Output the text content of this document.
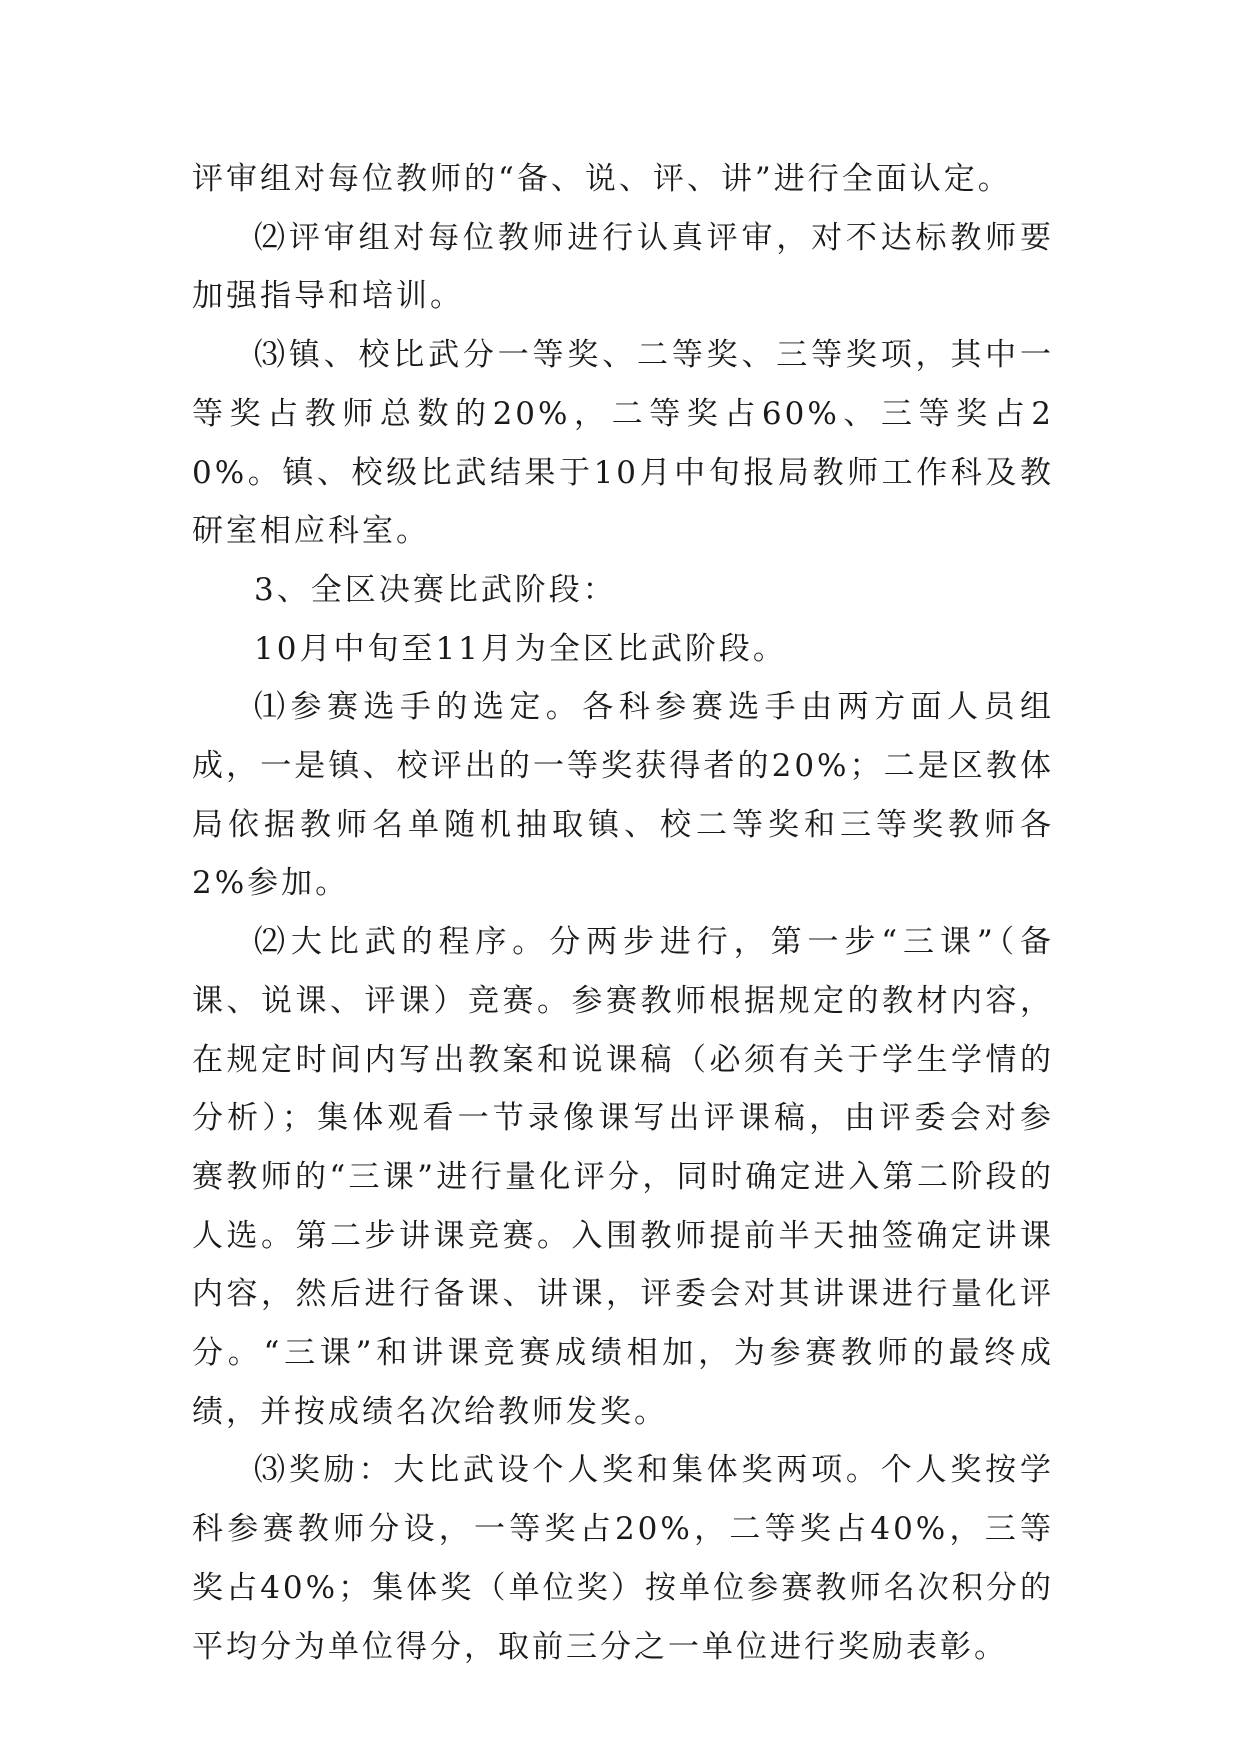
评审组对每位教师的“备、说、评、讲”进行全面认定。

⑵评审组对每位教师进行认真评审，对不达标教师要加强指导和培训。

⑶镇、校比武分一等奖、二等奖、三等奖项，其中一等奖占教师总数的20%，二等奖占60%、三等奖占20%。镇、校级比武结果于10月中旬报局教师工作科及教研室相应科室。

3、全区决赛比武阶段：

10月中旬至11月为全区比武阶段。

⑴参赛选手的选定。各科参赛选手由两方面人员组成，一是镇、校评出的一等奖获得者的20%；二是区教体局依据教师名单随机抽取镇、校二等奖和三等奖教师各2%参加。

⑵大比武的程序。分两步进行，第一步“三课”（备课、说课、评课）竞赛。参赛教师根据规定的教材内容，在规定时间内写出教案和说课稿（必须有关于学生学情的分析）；集体观看一节录像课写出评课稿，由评委会对参赛教师的“三课”进行量化评分，同时确定进入第二阶段的人选。第二步讲课竞赛。入围教师提前半天抽签确定讲课内容，然后进行备课、讲课，评委会对其讲课进行量化评分。“三课”和讲课竞赛成绩相加，为参赛教师的最终成绩，并按成绩名次给教师发奖。

⑶奖励：大比武设个人奖和集体奖两项。个人奖按学科参赛教师分设，一等奖占20%，二等奖占40%，三等奖占40%；集体奖（单位奖）按单位参赛教师名次积分的平均分为单位得分，取前三分之一单位进行奖励表彰。
